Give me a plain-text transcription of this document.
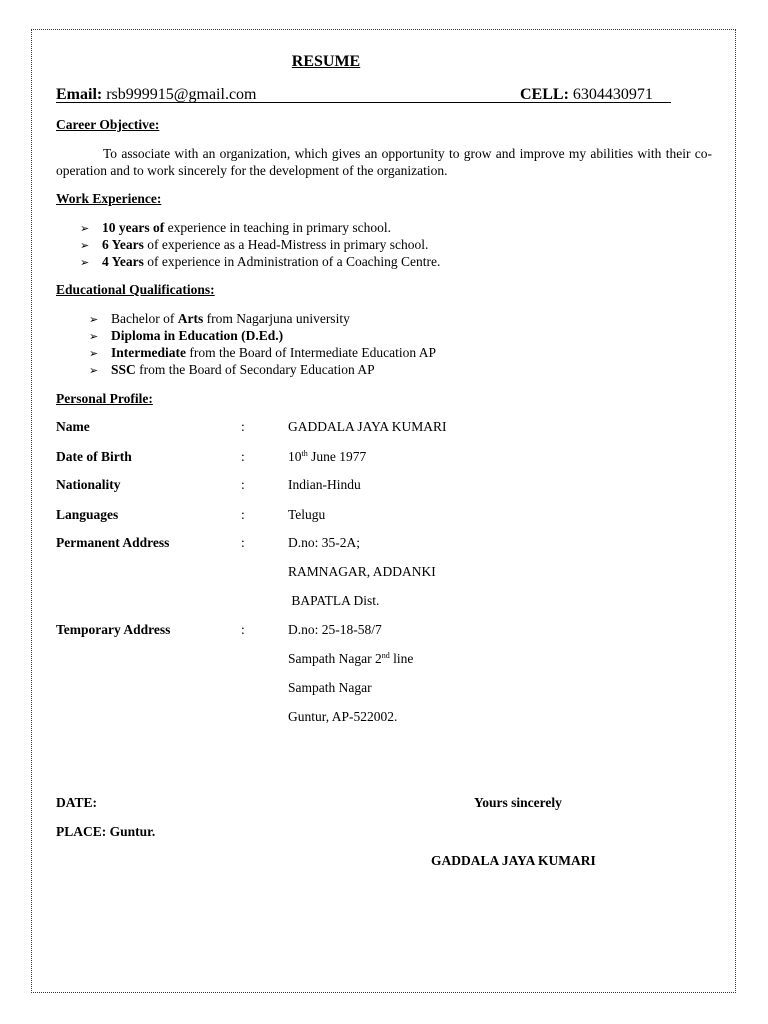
RESUME
Email: rsb999915@gmail.com	CELL: 6304430971
Career Objective:
To associate with an organization, which gives an opportunity to grow and improve my abilities with their co-operation and to work sincerely for the development of the organization.
Work Experience:
➢ 10 years of experience in teaching in primary school.
➢ 6 Years of experience as a Head-Mistress in primary school.
➢ 4 Years of experience in Administration of a Coaching Centre.
Educational Qualifications:
➢ Bachelor of Arts from Nagarjuna university
➢ Diploma in Education (D.Ed.)
➢ Intermediate from the Board of Intermediate Education AP
➢ SSC from the Board of Secondary Education AP
Personal Profile:
Name	:	GADDALA JAYA KUMARI
Date of Birth	:	10th June 1977
Nationality	:	Indian-Hindu
Languages	:	Telugu
Permanent Address	:	D.no: 35-2A;
RAMNAGAR, ADDANKI
BAPATLA Dist.
Temporary Address	:	D.no: 25-18-58/7
Sampath Nagar 2nd line
Sampath Nagar
Guntur, AP-522002.
DATE:	Yours sincerely
PLACE: Guntur.
GADDALA JAYA KUMARI
